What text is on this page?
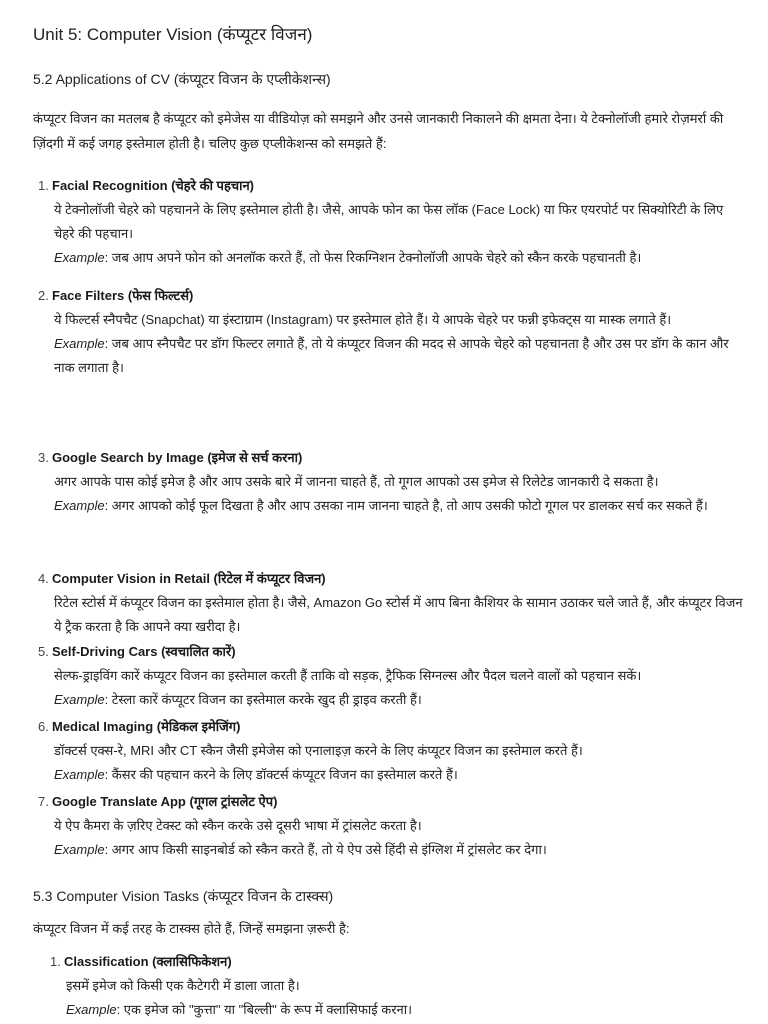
Unit 5: Computer Vision (कंप्यूटर विजन)
5.2 Applications of CV (कंप्यूटर विजन के एप्लीकेशन्स)

कंप्यूटर विजन का मतलब है कंप्यूटर को इमेजेस या वीडियोज़ को समझने और उनसे जानकारी निकालने की क्षमता देना। ये टेक्नोलॉजी हमारे रोज़मर्रा की ज़िंदगी में कई जगह इस्तेमाल होती है। चलिए कुछ एप्लीकेशन्स को समझते हैं:

1. Facial Recognition (चेहरे की पहचान)
ये टेक्नोलॉजी चेहरे को पहचानने के लिए इस्तेमाल होती है। जैसे, आपके फोन का फेस लॉक (Face Lock) या फिर एयरपोर्ट पर सिक्योरिटी के लिए चेहरे की पहचान।
Example: जब आप अपने फोन को अनलॉक करते हैं, तो फेस रिकग्निशन टेक्नोलॉजी आपके चेहरे को स्कैन करके पहचानती है।
2. Face Filters (फेस फिल्टर्स)
ये फिल्टर्स स्नैपचैट (Snapchat) या इंस्टाग्राम (Instagram) पर इस्तेमाल होते हैं। ये आपके चेहरे पर फन्नी इफेक्ट्स या मास्क लगाते हैं।
Example: जब आप स्नैपचैट पर डॉग फिल्टर लगाते हैं, तो ये कंप्यूटर विजन की मदद से आपके चेहरे को पहचानता है और उस पर डॉग के कान और नाक लगाता है।
3. Google Search by Image (इमेज से सर्च करना)
अगर आपके पास कोई इमेज है और आप उसके बारे में जानना चाहते हैं, तो गूगल आपको उस इमेज से रिलेटेड जानकारी दे सकता है।
Example: अगर आपको कोई फूल दिखता है और आप उसका नाम जानना चाहते है, तो आप उसकी फोटो गूगल पर डालकर सर्च कर सकते हैं।
4. Computer Vision in Retail (रिटेल में कंप्यूटर विजन)
रिटेल स्टोर्स में कंप्यूटर विजन का इस्तेमाल होता है। जैसे, Amazon Go स्टोर्स में आप बिना कैशियर के सामान उठाकर चले जाते हैं, और कंप्यूटर विजन ये ट्रैक करता है कि आपने क्या खरीदा है।
5. Self-Driving Cars (स्वचालित कारें)
सेल्फ-ड्राइविंग कारें कंप्यूटर विजन का इस्तेमाल करती हैं ताकि वो सड़क, ट्रैफिक सिग्नल्स और पैदल चलने वालों को पहचान सकें।
Example: टेस्ला कारें कंप्यूटर विजन का इस्तेमाल करके खुद ही ड्राइव करती हैं।
6. Medical Imaging (मेडिकल इमेजिंग)
डॉक्टर्स एक्स-रे, MRI और CT स्कैन जैसी इमेजेस को एनालाइज़ करने के लिए कंप्यूटर विजन का इस्तेमाल करते हैं।
Example: कैंसर की पहचान करने के लिए डॉक्टर्स कंप्यूटर विजन का इस्तेमाल करते हैं।
7. Google Translate App (गूगल ट्रांसलेट ऐप)
ये ऐप कैमरा के ज़रिए टेक्स्ट को स्कैन करके उसे दूसरी भाषा में ट्रांसलेट करता है।
Example: अगर आप किसी साइनबोर्ड को स्कैन करते हैं, तो ये ऐप उसे हिंदी से इंग्लिश में ट्रांसलेट कर देगा।
5.3 Computer Vision Tasks (कंप्यूटर विजन के टास्क्स)

कंप्यूटर विजन में कई तरह के टास्क्स होते हैं, जिन्हें समझना ज़रूरी है:

1. Classification (क्लासिफिकेशन)
इसमें इमेज को किसी एक कैटेगरी में डाला जाता है।
Example: एक इमेज को "कुत्ता" या "बिल्ली" के रूप में क्लासिफाई करना।
